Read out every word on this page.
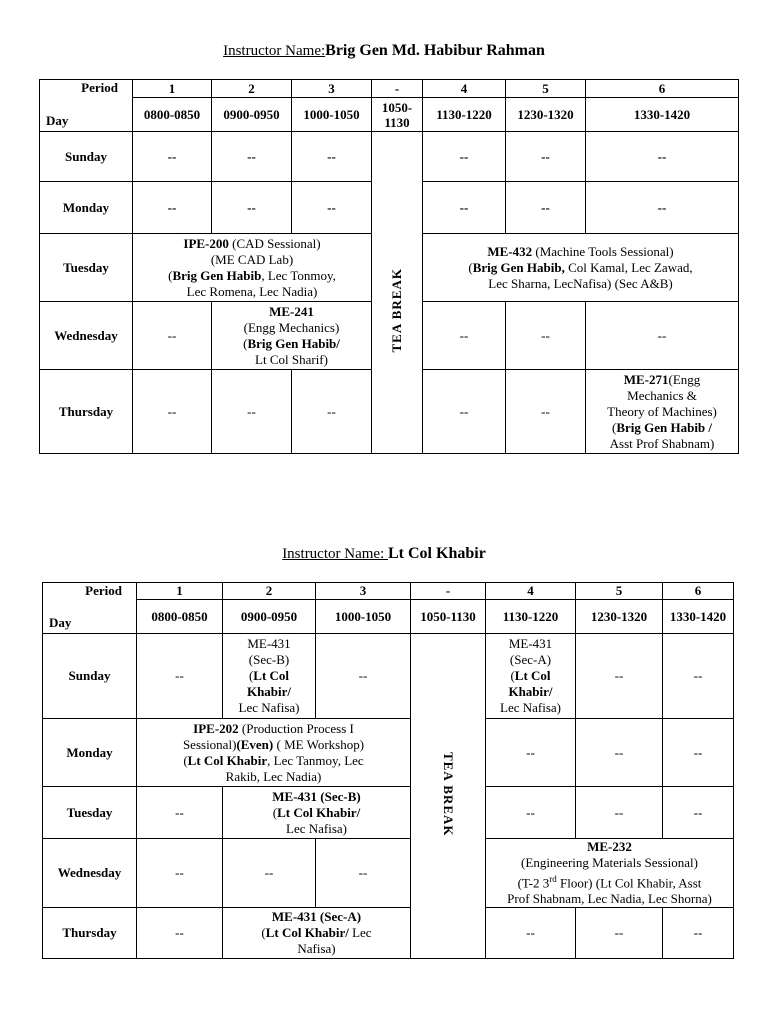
Instructor Name:Brig Gen Md. Habibur Rahman
Period
Day	1	2	3	-	4	5	6
	0800-0850	0900-0950	1000-1050	1050-1130	1130-1220	1230-1320	1330-1420
Sunday	--	--	--	TEA BREAK	--	--	--
Monday	--	--	--		--	--	--
Tuesday	IPE-200 (CAD Sessional)
(ME CAD Lab)
(Brig Gen Habib, Lec Tonmoy,
Lec Romena, Lec Nadia)				ME-432 (Machine Tools Sessional)
(Brig Gen Habib, Col Kamal, Lec Zawad,
Lec Sharna, LecNafisa) (Sec A&B)		
Wednesday	--	ME-241
(Engg Mechanics)
(Brig Gen Habib/
Lt Col Sharif)			--	--	--
Thursday	--	--	--		--	--	ME-271(Engg
Mechanics &
Theory of Machines)
(Brig Gen Habib /
Asst Prof Shabnam)
Instructor Name: Lt Col Khabir
Period
Day	1	2	3	-	4	5	6
	0800-0850	0900-0950	1000-1050	1050-1130	1130-1220	1230-1320	1330-1420
Sunday	--	ME-431
(Sec-B)
(Lt Col
Khabir/
Lec Nafisa)	--	TEA BREAK	ME-431
(Sec-A)
(Lt Col
Khabir/
Lec Nafisa)	--	--
Monday	IPE-202 (Production Process I
Sessional)(Even) ( ME Workshop)
(Lt Col Khabir, Lec Tanmoy, Lec
Rakib, Lec Nadia)				--	--	--
Tuesday	--	ME-431 (Sec-B)
(Lt Col Khabir/
Lec Nafisa)			--	--	--
Wednesday	--	--	--		ME-232
(Engineering Materials Sessional)
(T-2 3rd Floor) (Lt Col Khabir, Asst
Prof Shabnam, Lec Nadia, Lec Shorna)		
Thursday	--	ME-431 (Sec-A)
(Lt Col Khabir/ Lec
Nafisa)			--	--	--
